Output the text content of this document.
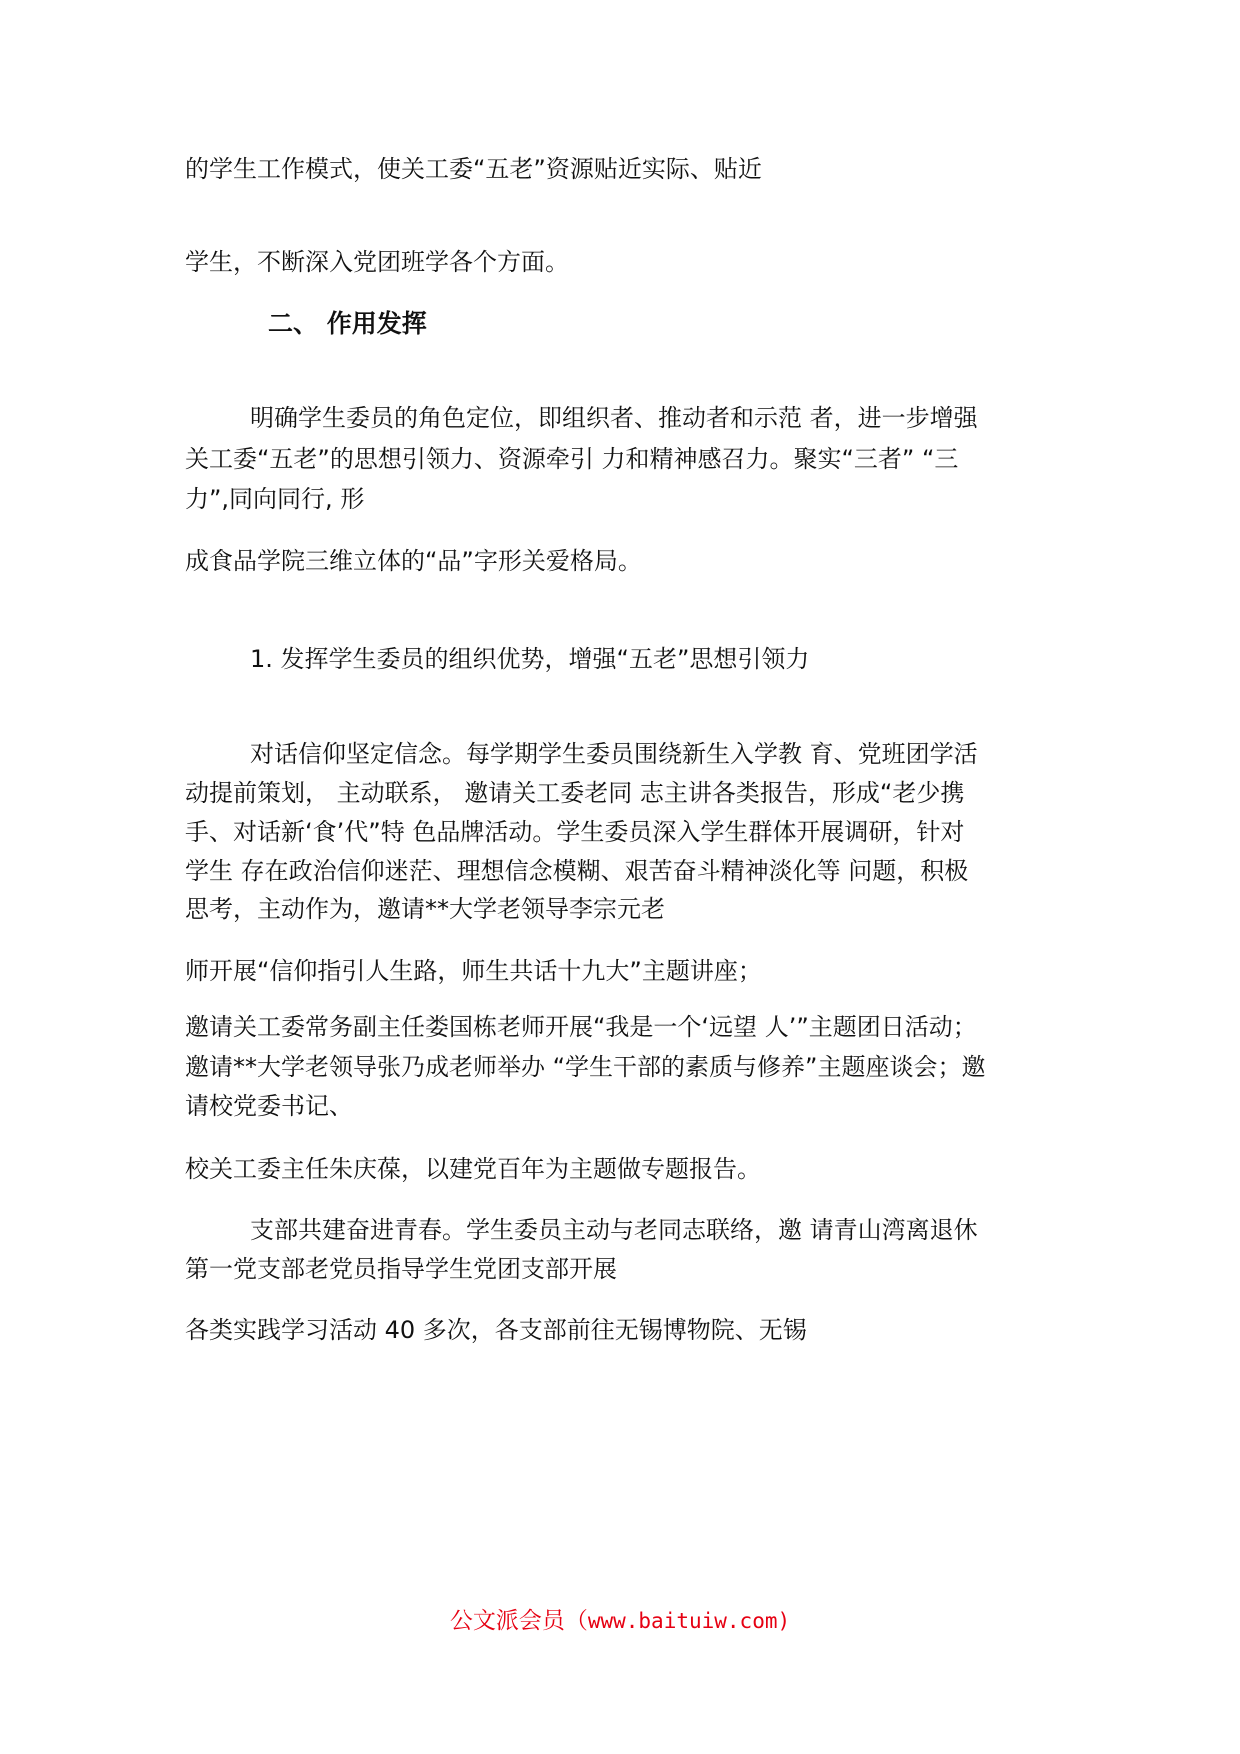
的学生工作模式，使关工委“五老”资源贴近实际、贴近
学生，不断深入党团班学各个方面。
二、 作用发挥
明确学生委员的角色定位，即组织者、推动者和示范 者，进一步增强
关工委“五老”的思想引领力、资源牵引 力和精神感召力。聚实“三者” “三
力”,同向同行, 形
成食品学院三维立体的“品”字形关爱格局。
1. 发挥学生委员的组织优势，增强“五老”思想引领力
对话信仰坚定信念。每学期学生委员围绕新生入学教 育、党班团学活
动提前策划， 主动联系， 邀请关工委老同 志主讲各类报告，形成“老少携
手、对话新‘食’代”特 色品牌活动。学生委员深入学生群体开展调研，针对
学生 存在政治信仰迷茫、理想信念模糊、艰苦奋斗精神淡化等 问题，积极
思考，主动作为，邀请**大学老领导李宗元老
师开展“信仰指引人生路，师生共话十九大”主题讲座；
邀请关工委常务副主任娄国栋老师开展“我是一个‘远望 人’”主题团日活动；
邀请**大学老领导张乃成老师举办 “学生干部的素质与修养”主题座谈会；邀
请校党委书记、
校关工委主任朱庆葆，以建党百年为主题做专题报告。
支部共建奋进青春。学生委员主动与老同志联络，邀 请青山湾离退休
第一党支部老党员指导学生党团支部开展
各类实践学习活动 40 多次，各支部前往无锡博物院、无锡
公文派会员（www.baituiw.com)
